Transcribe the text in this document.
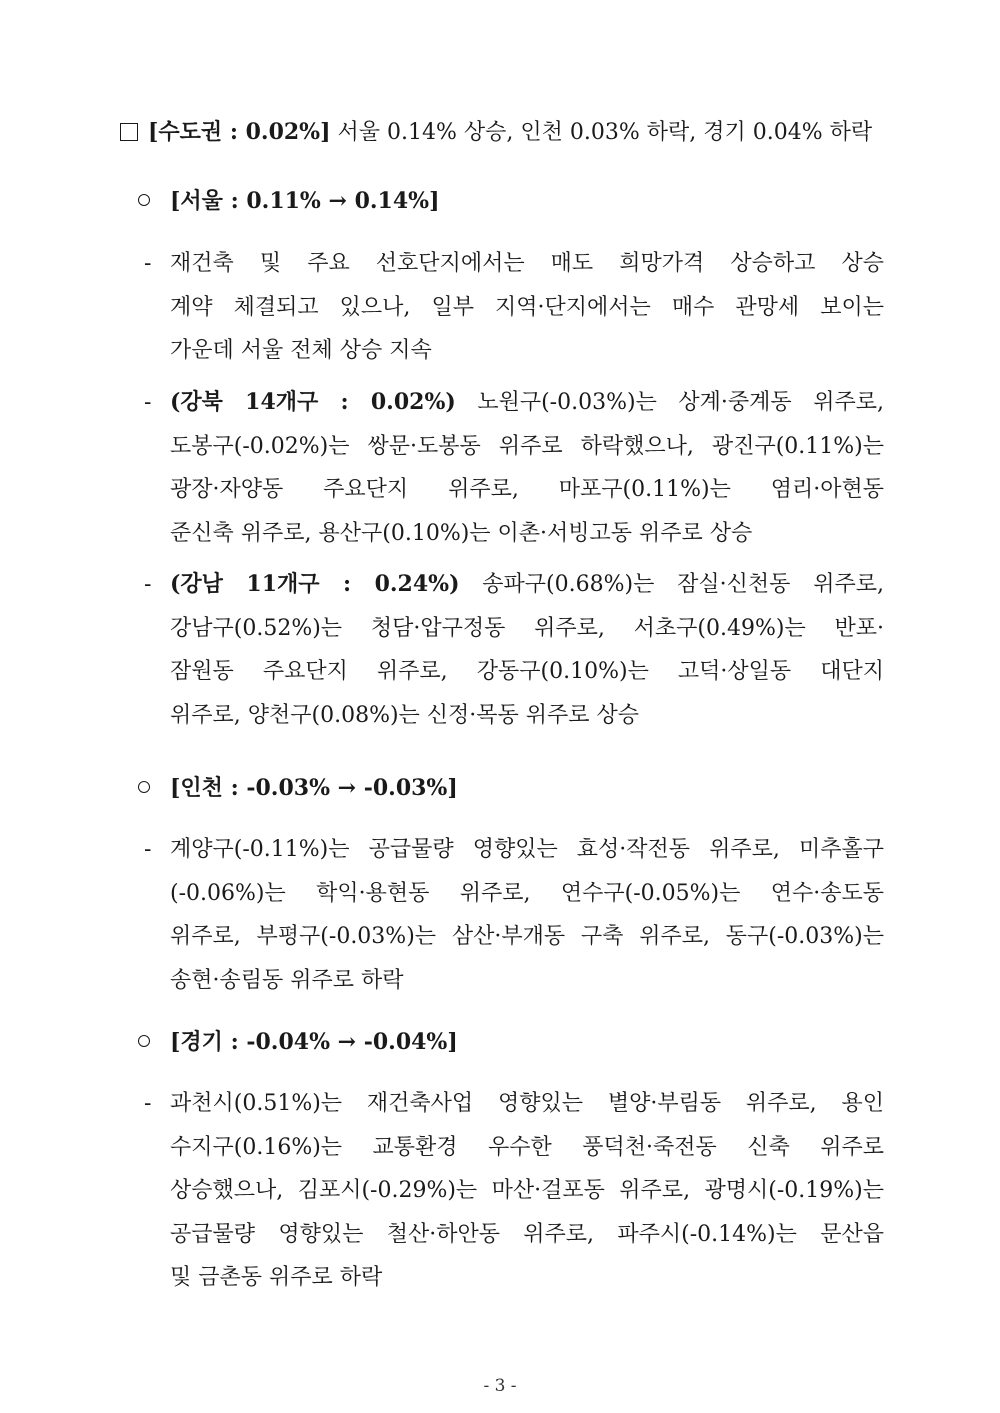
[수도권 : 0.02%] 서울 0.14% 상승, 인천 0.03% 하락, 경기 0.04% 하락
[서울 : 0.11% → 0.14%]
- 재건축 및 주요 선호단지에서는 매도 희망가격 상승하고 상승
계약 체결되고 있으나, 일부 지역·단지에서는 매수 관망세 보이는
가운데 서울 전체 상승 지속
- (강북 14개구 : 0.02%) 노원구(-0.03%)는 상계·중계동 위주로,
도봉구(-0.02%)는 쌍문·도봉동 위주로 하락했으나, 광진구(0.11%)는
광장·자양동 주요단지 위주로, 마포구(0.11%)는 염리·아현동
준신축 위주로, 용산구(0.10%)는 이촌·서빙고동 위주로 상승
- (강남 11개구 : 0.24%) 송파구(0.68%)는 잠실·신천동 위주로,
강남구(0.52%)는 청담·압구정동 위주로, 서초구(0.49%)는 반포·
잠원동 주요단지 위주로, 강동구(0.10%)는 고덕·상일동 대단지
위주로, 양천구(0.08%)는 신정·목동 위주로 상승
[인천 : -0.03% → -0.03%]
- 계양구(-0.11%)는 공급물량 영향있는 효성·작전동 위주로, 미추홀구
(-0.06%)는 학익·용현동 위주로, 연수구(-0.05%)는 연수·송도동
위주로, 부평구(-0.03%)는 삼산·부개동 구축 위주로, 동구(-0.03%)는
송현·송림동 위주로 하락
[경기 : -0.04% → -0.04%]
- 과천시(0.51%)는 재건축사업 영향있는 별양·부림동 위주로, 용인
수지구(0.16%)는 교통환경 우수한 풍덕천·죽전동 신축 위주로
상승했으나, 김포시(-0.29%)는 마산·걸포동 위주로, 광명시(-0.19%)는
공급물량 영향있는 철산·하안동 위주로, 파주시(-0.14%)는 문산읍
및 금촌동 위주로 하락
- 3 -
